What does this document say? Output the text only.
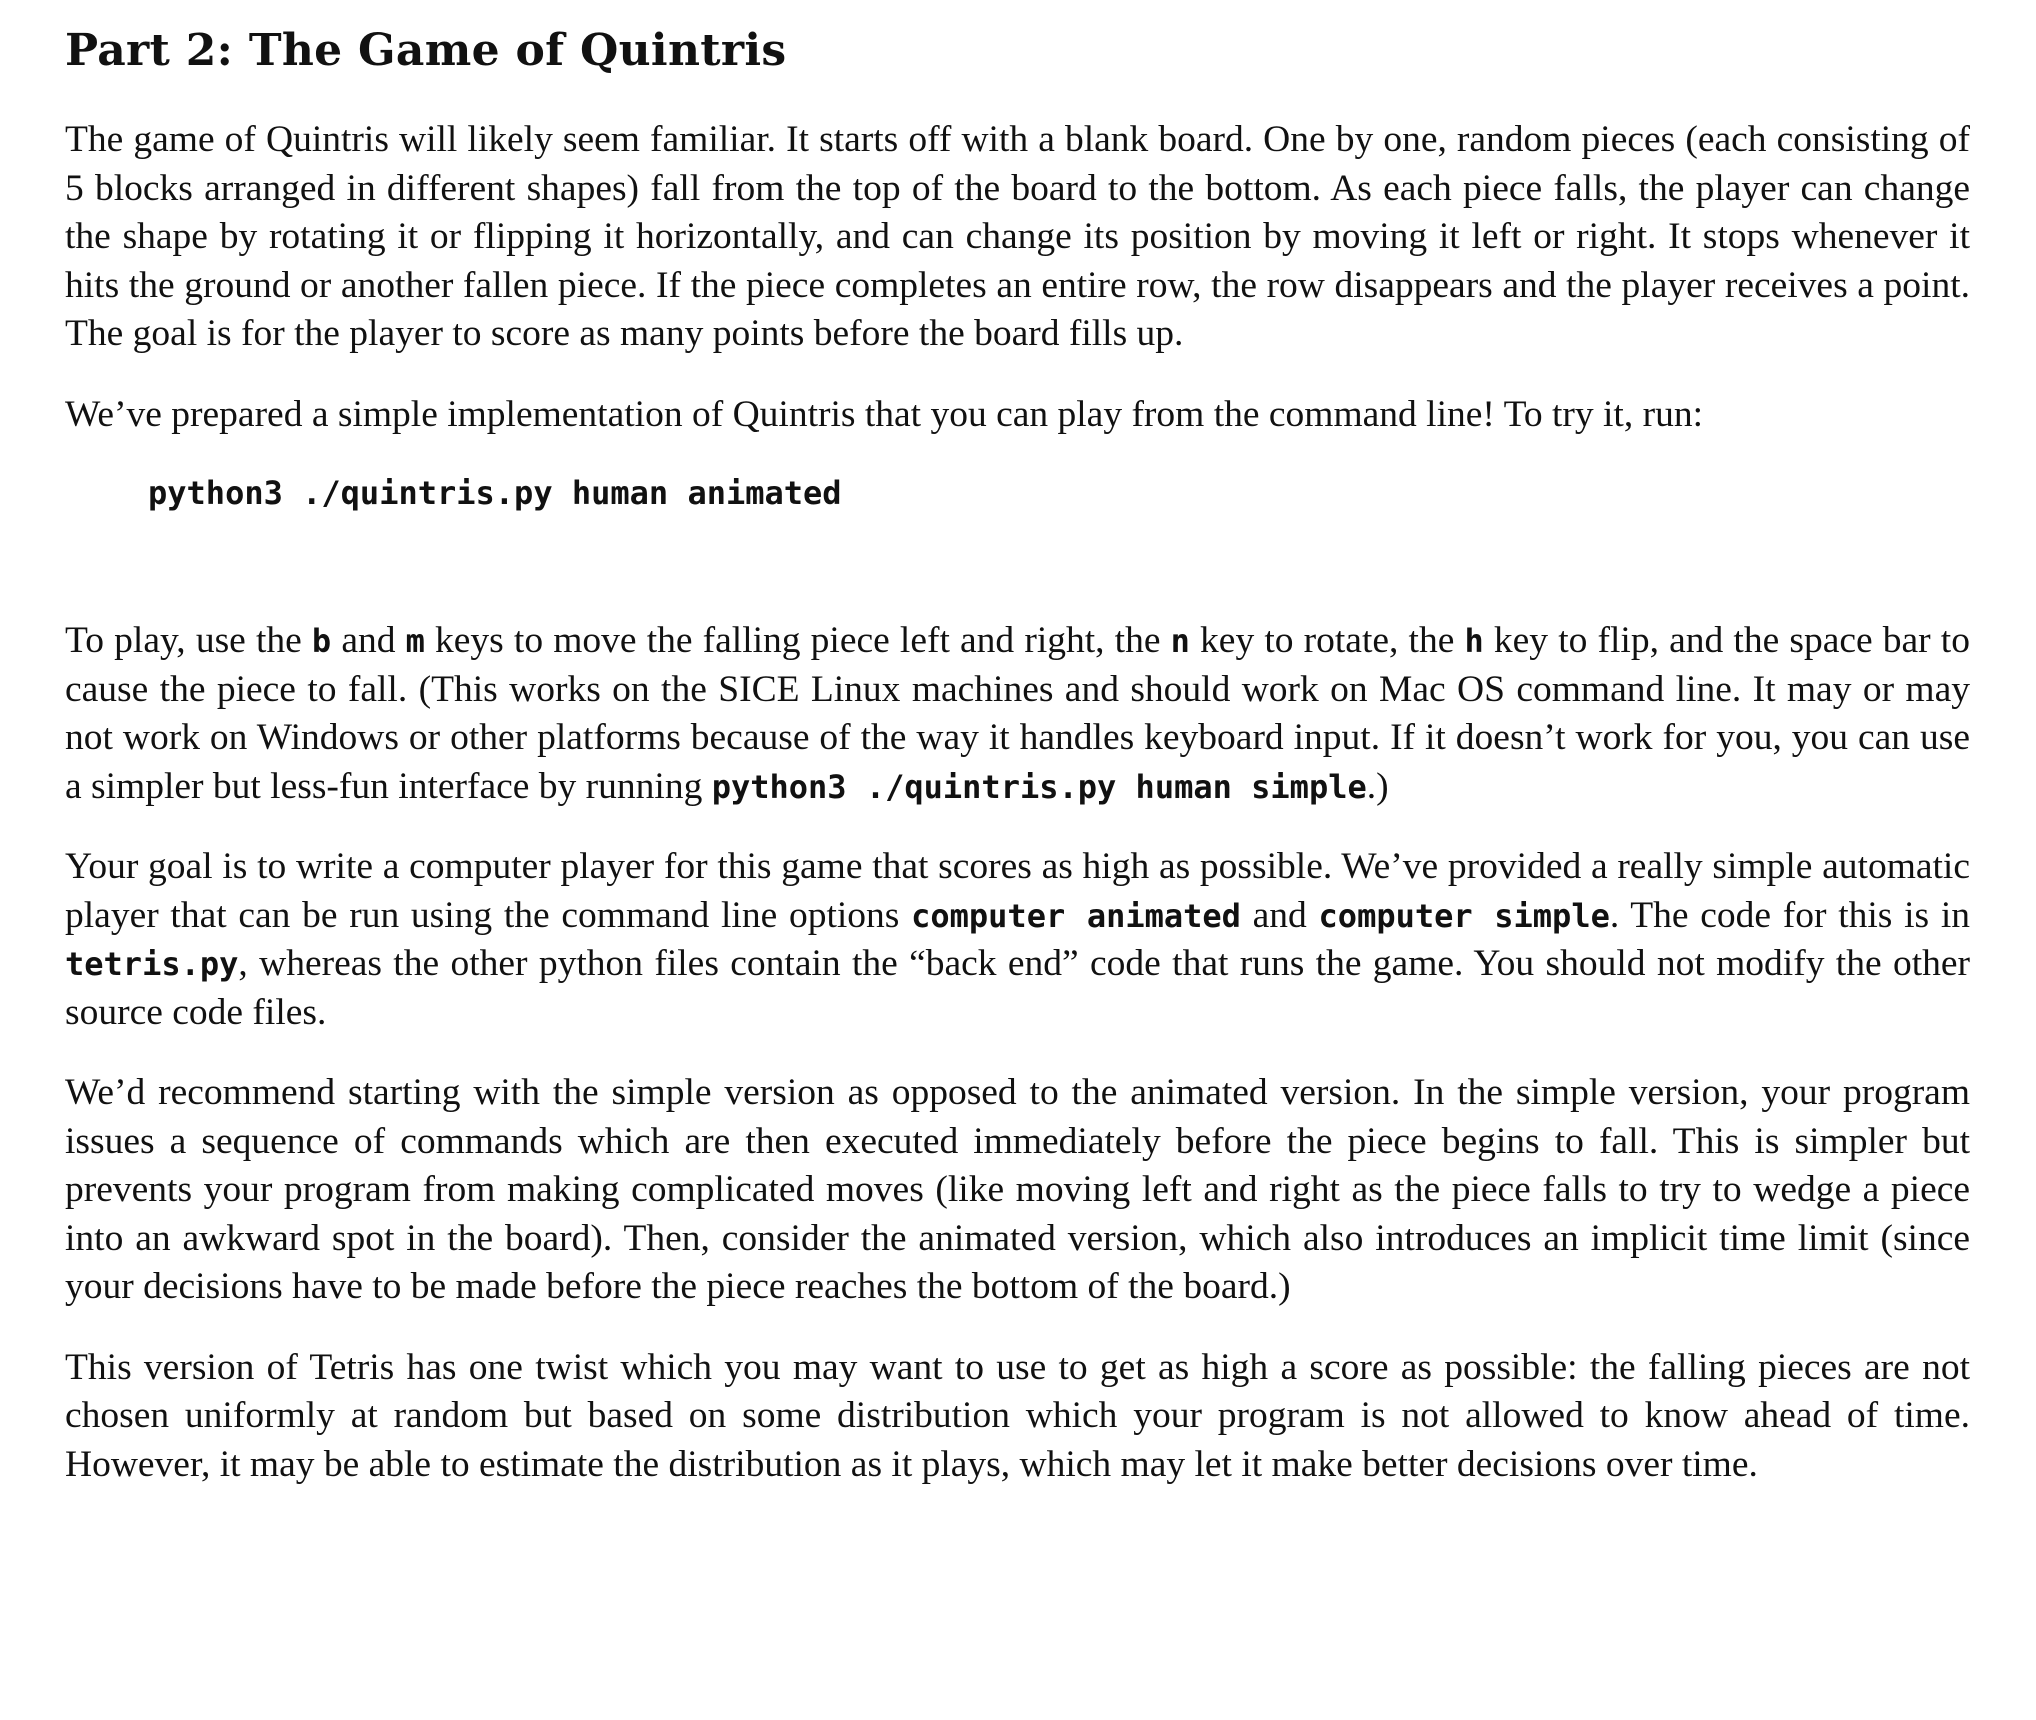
Part 2: The Game of Quintris

The game of Quintris will likely seem familiar. It starts off with a blank board. One by one, random pieces (each consisting of 5 blocks arranged in different shapes) fall from the top of the board to the bottom. As each piece falls, the player can change the shape by rotating it or flipping it horizontally, and can change its position by moving it left or right. It stops whenever it hits the ground or another fallen piece. If the piece completes an entire row, the row disappears and the player receives a point. The goal is for the player to score as many points before the board fills up.

We’ve prepared a simple implementation of Quintris that you can play from the command line! To try it, run:

python3 ./quintris.py human animated

To play, use the b and m keys to move the falling piece left and right, the n key to rotate, the h key to flip, and the space bar to cause the piece to fall. (This works on the SICE Linux machines and should work on Mac OS command line. It may or may not work on Windows or other platforms because of the way it handles keyboard input. If it doesn’t work for you, you can use a simpler but less-fun interface by running python3 ./quintris.py human simple.)

Your goal is to write a computer player for this game that scores as high as possible. We’ve provided a really simple automatic player that can be run using the command line options computer animated and computer simple. The code for this is in tetris.py, whereas the other python files contain the “back end” code that runs the game. You should not modify the other source code files.

We’d recommend starting with the simple version as opposed to the animated version. In the simple version, your program issues a sequence of commands which are then executed immediately before the piece begins to fall. This is simpler but prevents your program from making complicated moves (like moving left and right as the piece falls to try to wedge a piece into an awkward spot in the board). Then, consider the animated version, which also introduces an implicit time limit (since your decisions have to be made before the piece reaches the bottom of the board.)

This version of Tetris has one twist which you may want to use to get as high a score as possible: the falling pieces are not chosen uniformly at random but based on some distribution which your program is not allowed to know ahead of time. However, it may be able to estimate the distribution as it plays, which may let it make better decisions over time.
